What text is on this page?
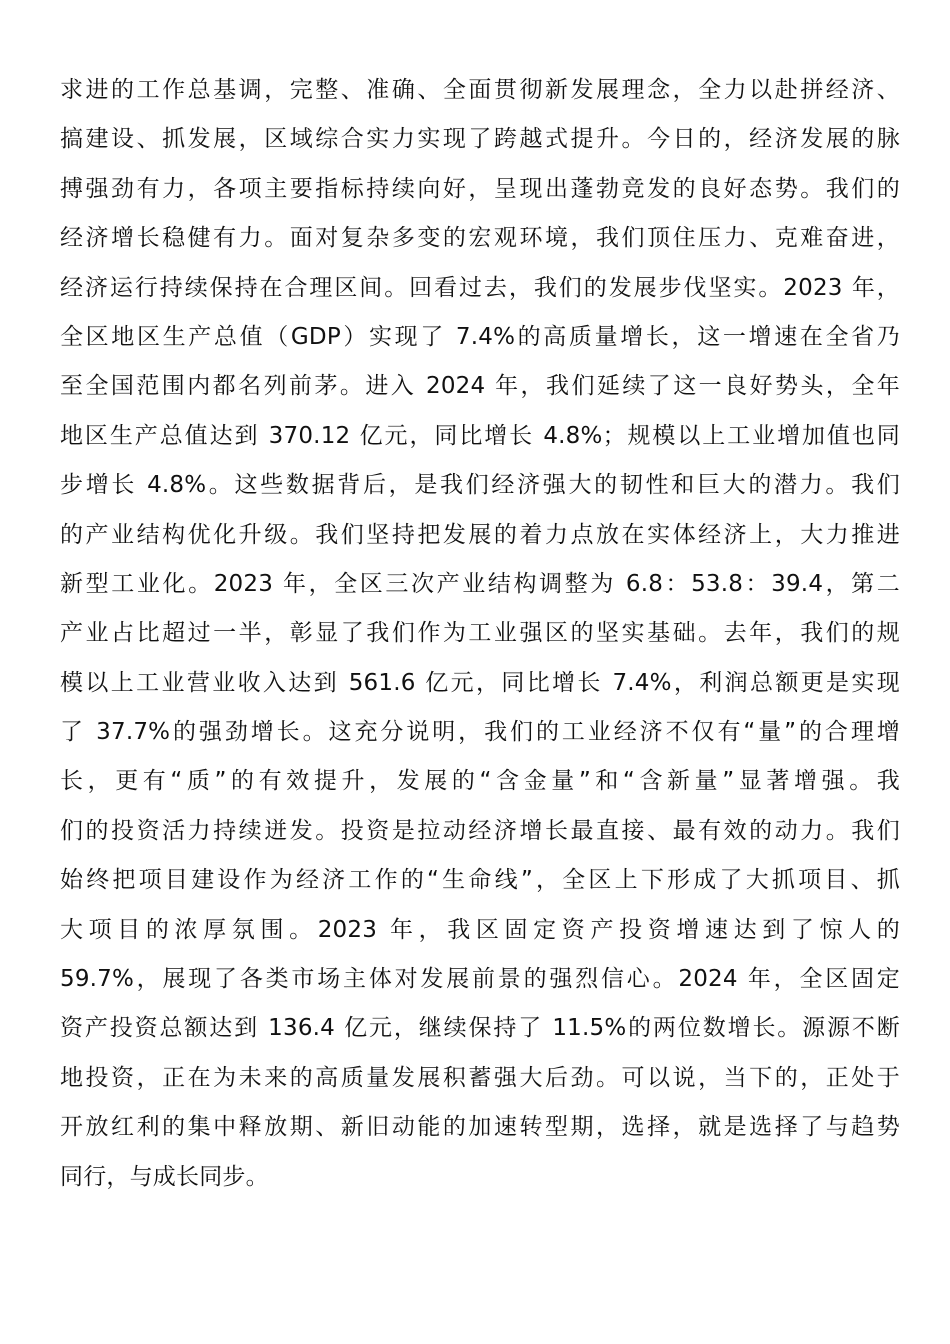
求进的工作总基调，完整、准确、全面贯彻新发展理念，全力以赴拼经济、
搞建设、抓发展，区域综合实力实现了跨越式提升。今日的，经济发展的脉
搏强劲有力，各项主要指标持续向好，呈现出蓬勃竞发的良好态势。我们的
经济增长稳健有力。面对复杂多变的宏观环境，我们顶住压力、克难奋进，
经济运行持续保持在合理区间。回看过去，我们的发展步伐坚实。2023 年，
全区地区生产总值（GDP）实现了 7.4%的高质量增长，这一增速在全省乃
至全国范围内都名列前茅。进入 2024 年，我们延续了这一良好势头，全年
地区生产总值达到 370.12 亿元，同比增长 4.8%；规模以上工业增加值也同
步增长 4.8%。这些数据背后，是我们经济强大的韧性和巨大的潜力。我们
的产业结构优化升级。我们坚持把发展的着力点放在实体经济上，大力推进
新型工业化。2023 年，全区三次产业结构调整为 6.8：53.8：39.4，第二
产业占比超过一半，彰显了我们作为工业强区的坚实基础。去年，我们的规
模以上工业营业收入达到 561.6 亿元，同比增长 7.4%，利润总额更是实现
了 37.7%的强劲增长。这充分说明，我们的工业经济不仅有“量”的合理增
长，更有“质”的有效提升，发展的“含金量”和“含新量”显著增强。我
们的投资活力持续迸发。投资是拉动经济增长最直接、最有效的动力。我们
始终把项目建设作为经济工作的“生命线”，全区上下形成了大抓项目、抓
大项目的浓厚氛围。2023 年，我区固定资产投资增速达到了惊人的
59.7%，展现了各类市场主体对发展前景的强烈信心。2024 年，全区固定
资产投资总额达到 136.4 亿元，继续保持了 11.5%的两位数增长。源源不断
地投资，正在为未来的高质量发展积蓄强大后劲。可以说，当下的，正处于
开放红利的集中释放期、新旧动能的加速转型期，选择，就是选择了与趋势
同行，与成长同步。
